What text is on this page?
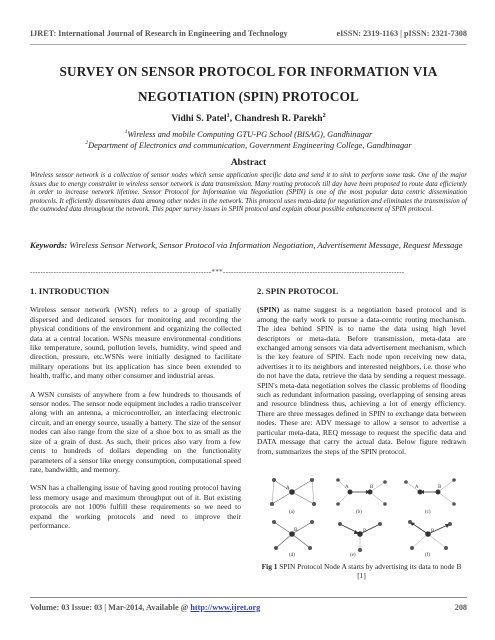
IJRET: International Journal of Research in Engineering and Technology	eISSN: 2319-1163 | pISSN: 2321-7308
SURVEY ON SENSOR PROTOCOL FOR INFORMATION VIA
NEGOTIATION (SPIN) PROTOCOL
Vidhi S. Patel$^1$, Chandresh R. Parekh$^2$
$^1$Wireless and mobile Computing GTU-PG School (BISAG), Gandhinagar
$^2$Department of Electronics and communication, Government Engineering College, Gandhinagar
Abstract
Wireless sensor network is a collection of sensor nodes which sense application specific data and send it to sink to perform some task. One of the major issues due to energy constraint in wireless sensor network is data transmission. Many routing protocols till day have been proposed to route data efficiently in order to increase network lifetime. Sensor Protocol for Information via Negotiation (SPIN) is one of the most popular data centric dissemination protocols. It efficiently disseminates data among other nodes in the network. This protocol uses meta-data for negotiation and eliminates the transmission of the outmoded data throughout the network. This paper survey issues in SPIN protocol and explain about possible enhancement of SPIN protocol.
Keywords: Wireless Sensor Network, Sensor Protocol via Information Negotiation, Advertisement Message, Request Message
---------------------------------------------------------------------***---------------------------------------------------------------------
1. INTRODUCTION

Wireless sensor network (WSN) refers to a group of spatially dispersed and dedicated sensors for monitoring and recording the physical conditions of the environment and organizing the collected data at a central location. WSNs measure environmental conditions like temperature, sound, pollution levels, humidity, wind speed and direction, pressure, etc.WSNs were initially designed to facilitate military operations but its application has since been extended to health, traffic, and many other consumer and industrial areas.

A WSN consists of anywhere from a few hundreds to thousands of sensor nodes. The sensor node equipment includes a radio transceiver along with an antenna, a microcontroller, an interfacing electronic circuit, and an energy source, usually a battery. The size of the sensor nodes can also range from the size of a shoe box to as small as the size of a grain of dust. As such, their prices also vary from a few cents to hundreds of dollars depending on the functionality parameters of a sensor like energy consumption, computational speed rate, bandwidth, and memory.

WSN has a challenging issue of having good routing protocol having less memory usage and maximum throughput out of it. But existing protocols are not 100% fulfill these requirements so we need to expand the working protocols and need to improve their performance.

2. SPIN PROTOCOL

(SPIN) as name suggest is a negotiation based protocol and is among the early work to pursue a data-centric routing mechanism. The idea behind SPIN is to name the data using high level descriptors or meta-data. Before transmission, meta-data are exchanged among sensors via data advertisement mechanism, which is the key feature of SPIN. Each node upon receiving new data, advertises it to its neighbors and interested neighbors, i.e. those who do not have the data, retrieve the data by sending a request message. SPIN's meta-data negotiation solves the classic problems of flooding such as redundant information passing, overlapping of sensing areas and resource blindness thus, achieving a lot of energy efficiency. There are three messages defined in SPIN to exchange data between nodes. These are: ADV message to allow a sensor to advertise a particular meta-data, REQ message to request the specific data and DATA message that carry the actual data. Below figure redrawn from, summarizes the steps of the SPIN protocol.

A
(a)
A	B
(b)
A	B
(c)
B
(d)
B
(e)
B
(f)
Fig 1 SPIN Protocol Node A starts by advertising its data to node B [1]
Volume: 03 Issue: 03 | Mar-2014, Available @ http://www.ijret.org	208
